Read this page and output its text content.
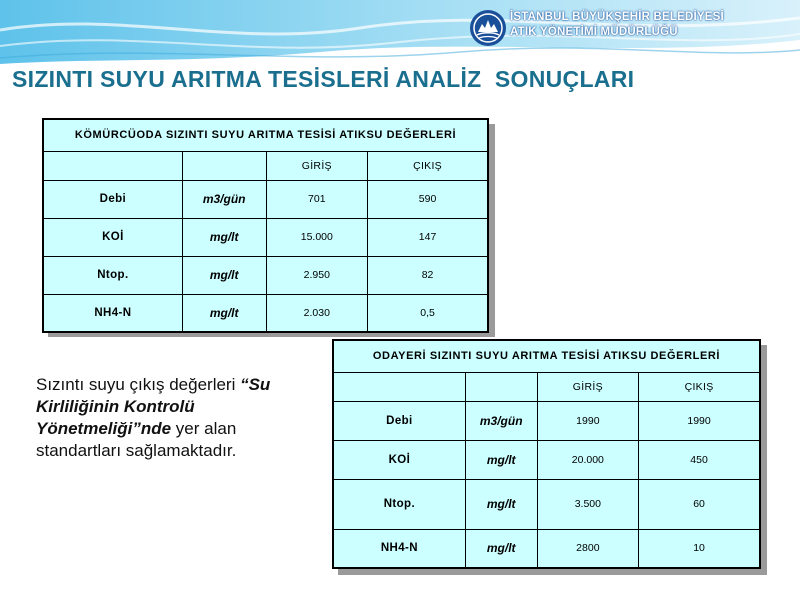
İSTANBUL BÜYÜKŞEHİR BELEDİYESİ
ATIK YÖNETİMİ MÜDÜRLÜĞÜ
SIZINTI SUYU ARITMA TESİSLERİ ANALİZ  SONUÇLARI
KÖMÜRCÜODA SIZINTI SUYU ARITMA TESİSİ ATIKSU DEĞERLERİ			
		GİRİŞ	ÇIKIŞ
Debi	m3/gün	701	590
KOİ	mg/lt	15.000	147
Ntop.	mg/lt	2.950	82
NH4-N	mg/lt	2.030	0,5
Sızıntı suyu çıkış değerleri “Su Kirliliğinin Kontrolü Yönetmeliği”nde yer alan standartları sağlamaktadır.
ODAYERİ SIZINTI SUYU ARITMA TESİSİ ATIKSU DEĞERLERİ			
		GİRİŞ	ÇIKIŞ
Debi	m3/gün	1990	1990
KOİ	mg/lt	20.000	450
Ntop.	mg/lt	3.500	60
NH4-N	mg/lt	2800	10
